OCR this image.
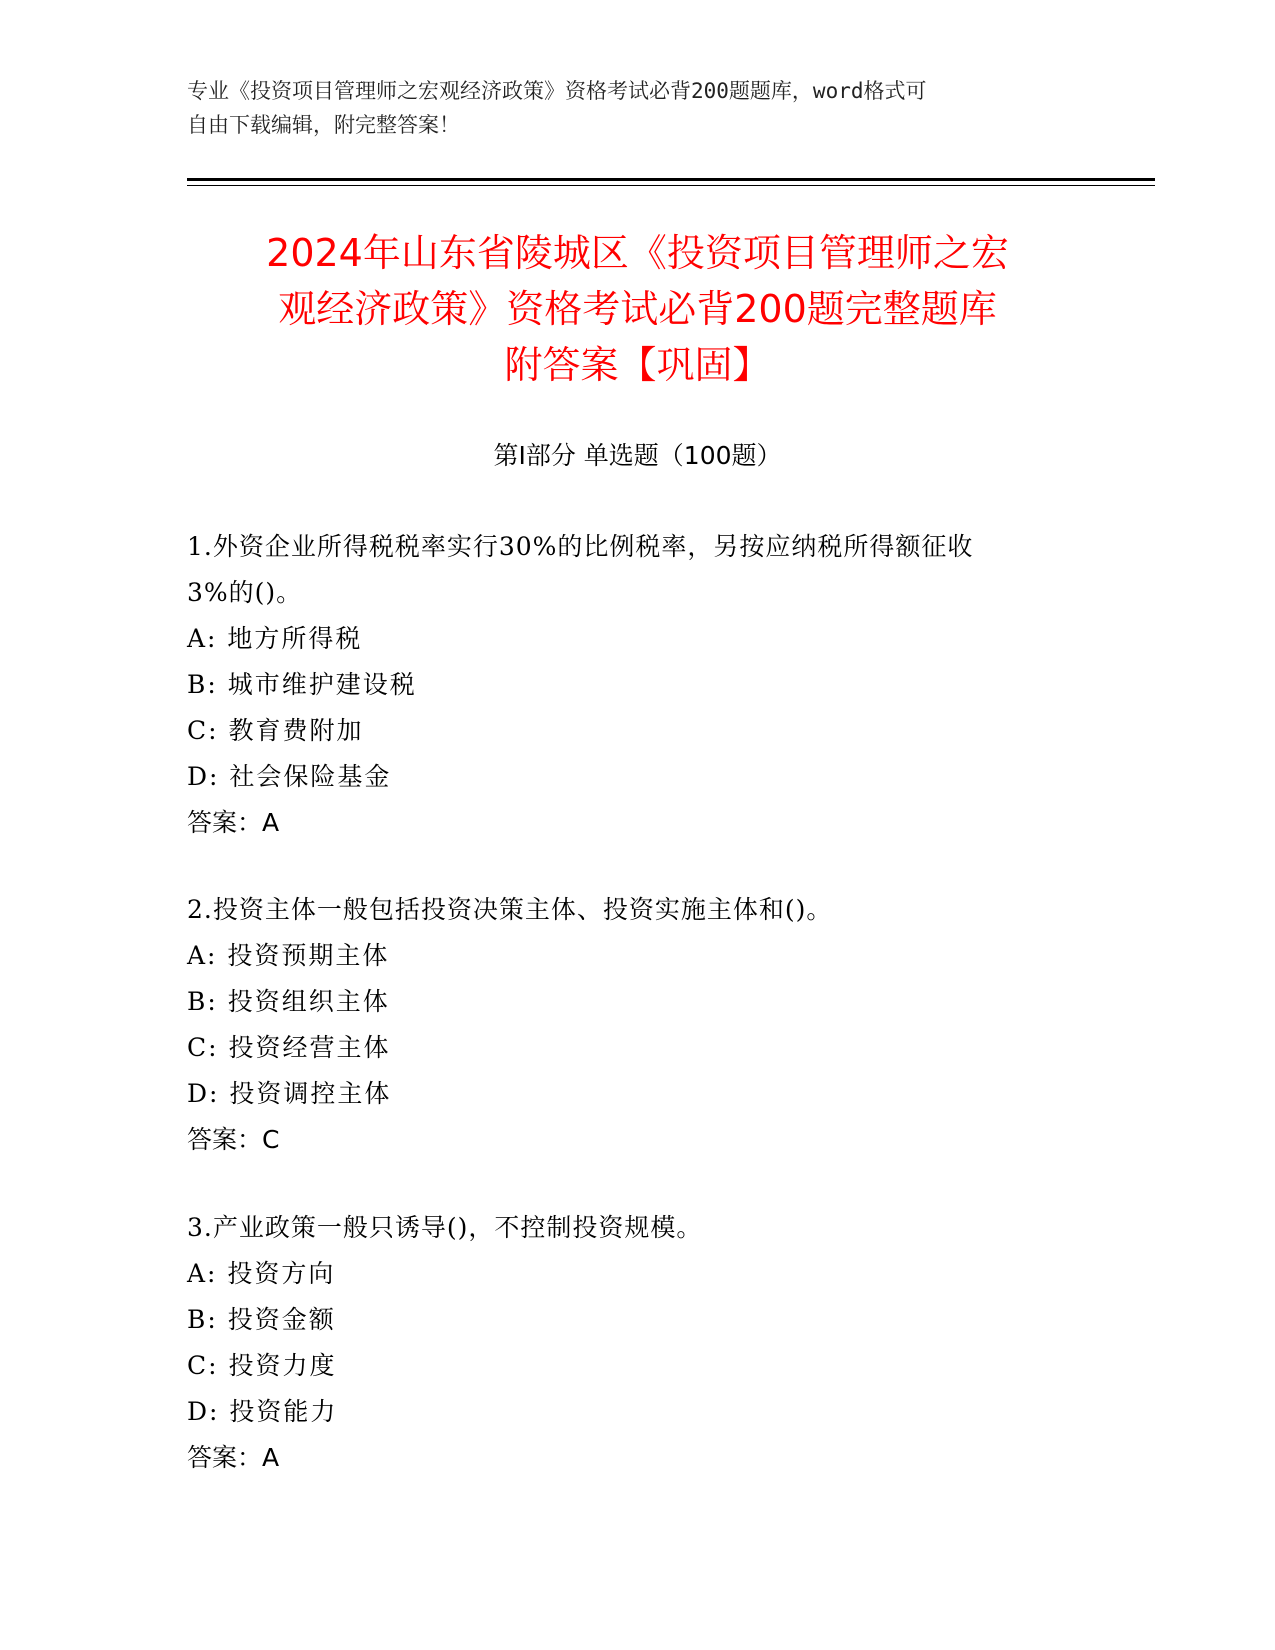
专业《投资项目管理师之宏观经济政策》资格考试必背200题题库，word格式可
自由下载编辑，附完整答案！
2024年山东省陵城区《投资项目管理师之宏
观经济政策》资格考试必背200题完整题库
附答案【巩固】
第Ⅰ部分 单选题（100题）
1.外资企业所得税税率实行30%的比例税率，另按应纳税所得额征收
3%的()。
A: 地方所得税
B: 城市维护建设税
C: 教育费附加
D: 社会保险基金
答案：A
2.投资主体一般包括投资决策主体、投资实施主体和()。
A: 投资预期主体
B: 投资组织主体
C: 投资经营主体
D: 投资调控主体
答案：C
3.产业政策一般只诱导()，不控制投资规模。
A: 投资方向
B: 投资金额
C: 投资力度
D: 投资能力
答案：A
